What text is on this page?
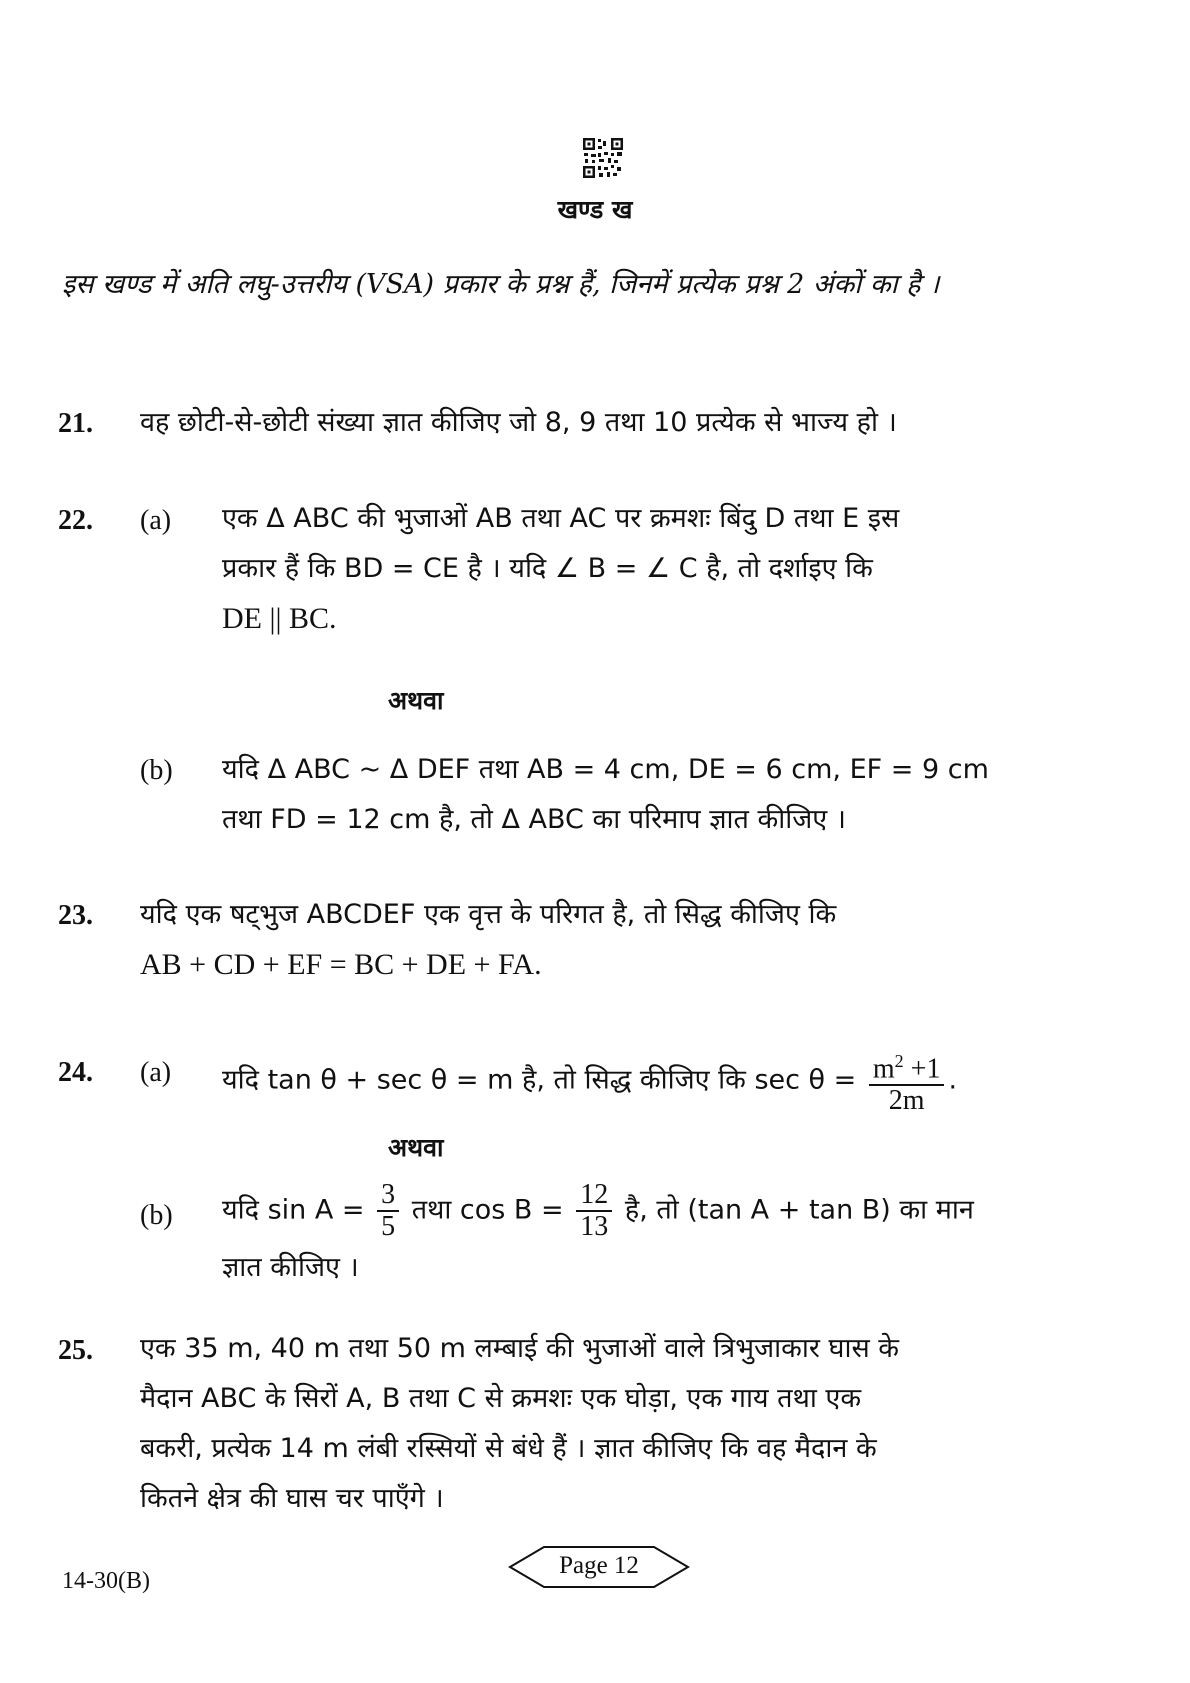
खण्ड ख
इस खण्ड में अति लघु-उत्तरीय (VSA) प्रकार के प्रश्न हैं, जिनमें प्रत्येक प्रश्न 2 अंकों का है ।
21. वह छोटी-से-छोटी संख्या ज्ञात कीजिए जो 8, 9 तथा 10 प्रत्येक से भाज्य हो ।
22. (a) एक Δ ABC की भुजाओं AB तथा AC पर क्रमशः बिंदु D तथा E इस
प्रकार हैं कि BD = CE है । यदि ∠ B = ∠ C है, तो दर्शाइए कि
DE || BC.
अथवा
(b) यदि Δ ABC ~ Δ DEF तथा AB = 4 cm, DE = 6 cm, EF = 9 cm
तथा FD = 12 cm है, तो Δ ABC का परिमाप ज्ञात कीजिए ।
23. यदि एक षट्भुज ABCDEF एक वृत्त के परिगत है, तो सिद्ध कीजिए कि
AB + CD + EF = BC + DE + FA.
24. (a) यदि tan θ + sec θ = m है, तो सिद्ध कीजिए कि $\sec \theta = \frac{m^2 +1}{2m}$ .
अथवा
(b) यदि $\sin A = \frac{3}{5}$ तथा $\cos B = \frac{12}{13}$ है, तो (tan A + tan B) का मान
ज्ञात कीजिए ।
25. एक 35 m, 40 m तथा 50 m लम्बाई की भुजाओं वाले त्रिभुजाकार घास के
मैदान ABC के सिरों A, B तथा C से क्रमशः एक घोड़ा, एक गाय तथा एक
बकरी, प्रत्येक 14 m लंबी रस्सियों से बंधे हैं । ज्ञात कीजिए कि वह मैदान के
कितने क्षेत्र की घास चर पाएँगे ।
14-30(B)
Page 12
